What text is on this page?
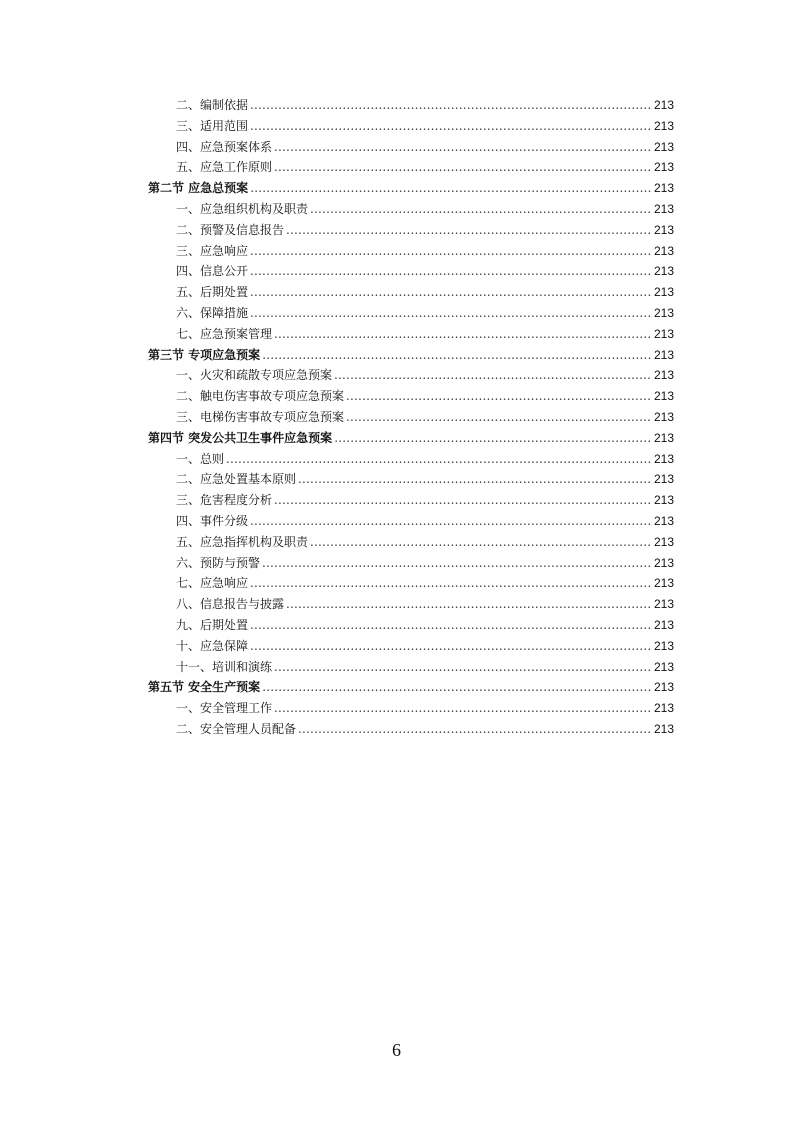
二、编制依据 .....	213
三、适用范围 .....	213
四、应急预案体系 .....	213
五、应急工作原则 .....	213
第二节 应急总预案 .....	213
一、应急组织机构及职责 .....	213
二、预警及信息报告 .....	213
三、应急响应 .....	213
四、信息公开 .....	213
五、后期处置 .....	213
六、保障措施 .....	213
七、应急预案管理 .....	213
第三节 专项应急预案 .....	213
一、火灾和疏散专项应急预案 .....	213
二、触电伤害事故专项应急预案 .....	213
三、电梯伤害事故专项应急预案 .....	213
第四节 突发公共卫生事件应急预案 .....	213
一、总则 .....	213
二、应急处置基本原则 .....	213
三、危害程度分析 .....	213
四、事件分级 .....	213
五、应急指挥机构及职责 .....	213
六、预防与预警 .....	213
七、应急响应 .....	213
八、信息报告与披露 .....	213
九、后期处置 .....	213
十、应急保障 .....	213
十一、培训和演练 .....	213
第五节 安全生产预案 .....	213
一、安全管理工作 .....	213
二、安全管理人员配备 .....	213
6
